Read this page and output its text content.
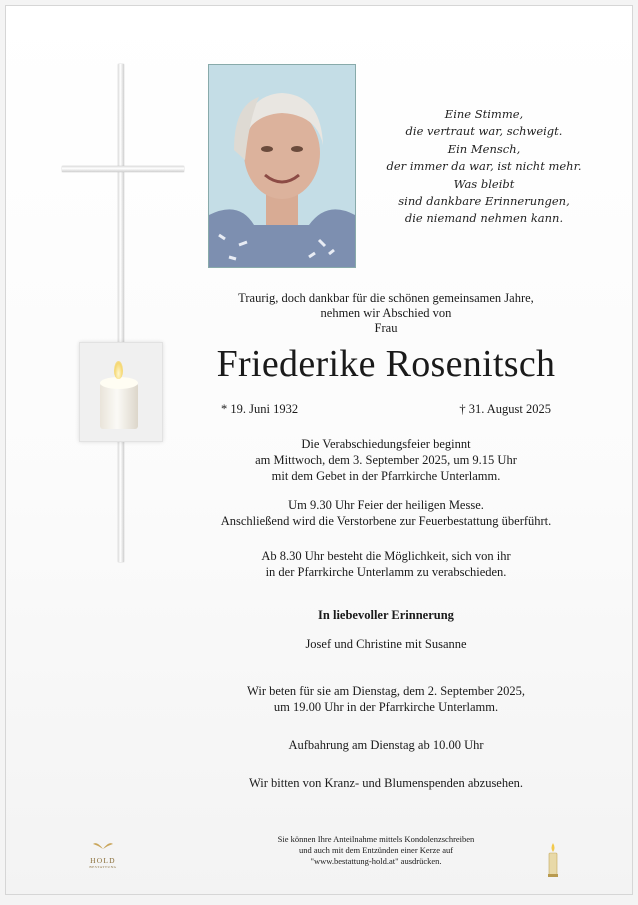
Eine Stimme,

die vertraut war, schweigt.

Ein Mensch,

der immer da war, ist nicht mehr.

Was bleibt

sind dankbare Erinnerungen,

die niemand nehmen kann.

Traurig, doch dankbar für die schönen gemeinsamen Jahre,

nehmen wir Abschied von

Frau

Friederike Rosenitsch
* 19. Juni 1932	† 31. August 2025

Die Verabschiedungsfeier beginnt

am Mittwoch, dem 3. September 2025, um 9.15 Uhr

mit dem Gebet in der Pfarrkirche Unterlamm.

Um 9.30 Uhr Feier der heiligen Messe.

Anschließend wird die Verstorbene zur Feuerbestattung überführt.

Ab 8.30 Uhr besteht die Möglichkeit, sich von ihr

in der Pfarrkirche Unterlamm zu verabschieden.

In liebevoller Erinnerung
Josef und Christine mit Susanne

Wir beten für sie am Dienstag, dem 2. September 2025,

um 19.00 Uhr in der Pfarrkirche Unterlamm.

Aufbahrung am Dienstag ab 10.00 Uhr
Wir bitten von Kranz- und Blumenspenden abzusehen.
HOLD
BESTATTUNG

Sie können Ihre Anteilnahme mittels Kondolenzschreiben

und auch mit dem Entzünden einer Kerze auf

"www.bestattung-hold.at" ausdrücken.
